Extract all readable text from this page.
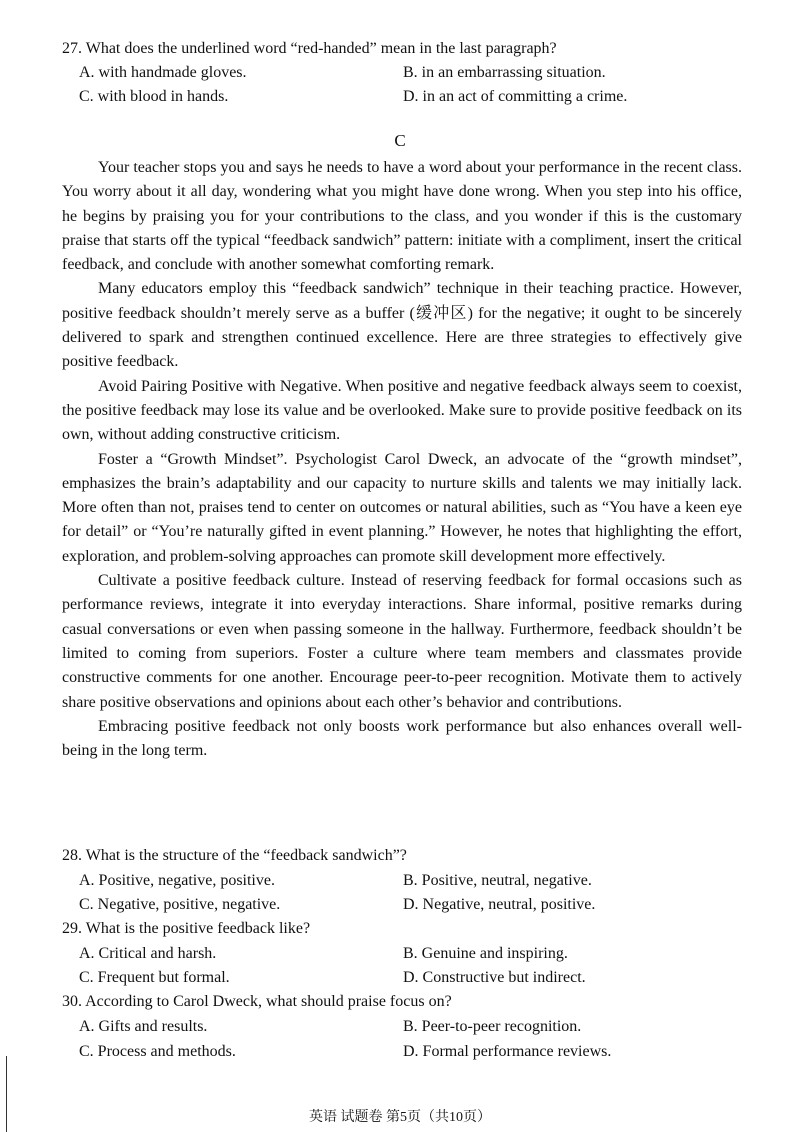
27. What does the underlined word “red-handed” mean in the last paragraph?
A. with handmade gloves.	B. in an embarrassing situation.
C. with blood in hands.	D. in an act of committing a crime.
C

Your teacher stops you and says he needs to have a word about your performance in the recent class. You worry about it all day, wondering what you might have done wrong. When you step into his office, he begins by praising you for your contributions to the class, and you wonder if this is the customary praise that starts off the typical “feedback sandwich” pattern: initiate with a compliment, insert the critical feedback, and conclude with another somewhat comforting remark.

Many educators employ this “feedback sandwich” technique in their teaching practice. However, positive feedback shouldn’t merely serve as a buffer (缓冲区) for the negative; it ought to be sincerely delivered to spark and strengthen continued excellence. Here are three strategies to effectively give positive feedback.

Avoid Pairing Positive with Negative. When positive and negative feedback always seem to coexist, the positive feedback may lose its value and be overlooked. Make sure to provide positive feedback on its own, without adding constructive criticism.

Foster a “Growth Mindset”. Psychologist Carol Dweck, an advocate of the “growth mindset”, emphasizes the brain’s adaptability and our capacity to nurture skills and talents we may initially lack. More often than not, praises tend to center on outcomes or natural abilities, such as “You have a keen eye for detail” or “You’re naturally gifted in event planning.” However, he notes that highlighting the effort, exploration, and problem-solving approaches can promote skill development more effectively.

Cultivate a positive feedback culture. Instead of reserving feedback for formal occasions such as performance reviews, integrate it into everyday interactions. Share informal, positive remarks during casual conversations or even when passing someone in the hallway. Furthermore, feedback shouldn’t be limited to coming from superiors. Foster a culture where team members and classmates provide constructive comments for one another. Encourage peer-to-peer recognition. Motivate them to actively share positive observations and opinions about each other’s behavior and contributions.

Embracing positive feedback not only boosts work performance but also enhances overall well-being in the long term.

28. What is the structure of the “feedback sandwich”?
A. Positive, negative, positive.	B. Positive, neutral, negative.
C. Negative, positive, negative.	D. Negative, neutral, positive.
29. What is the positive feedback like?
A. Critical and harsh.	B. Genuine and inspiring.
C. Frequent but formal.	D. Constructive but indirect.
30. According to Carol Dweck, what should praise focus on?
A. Gifts and results.	B. Peer-to-peer recognition.
C. Process and methods.	D. Formal performance reviews.
英语 试题卷 第5页（共10页）
